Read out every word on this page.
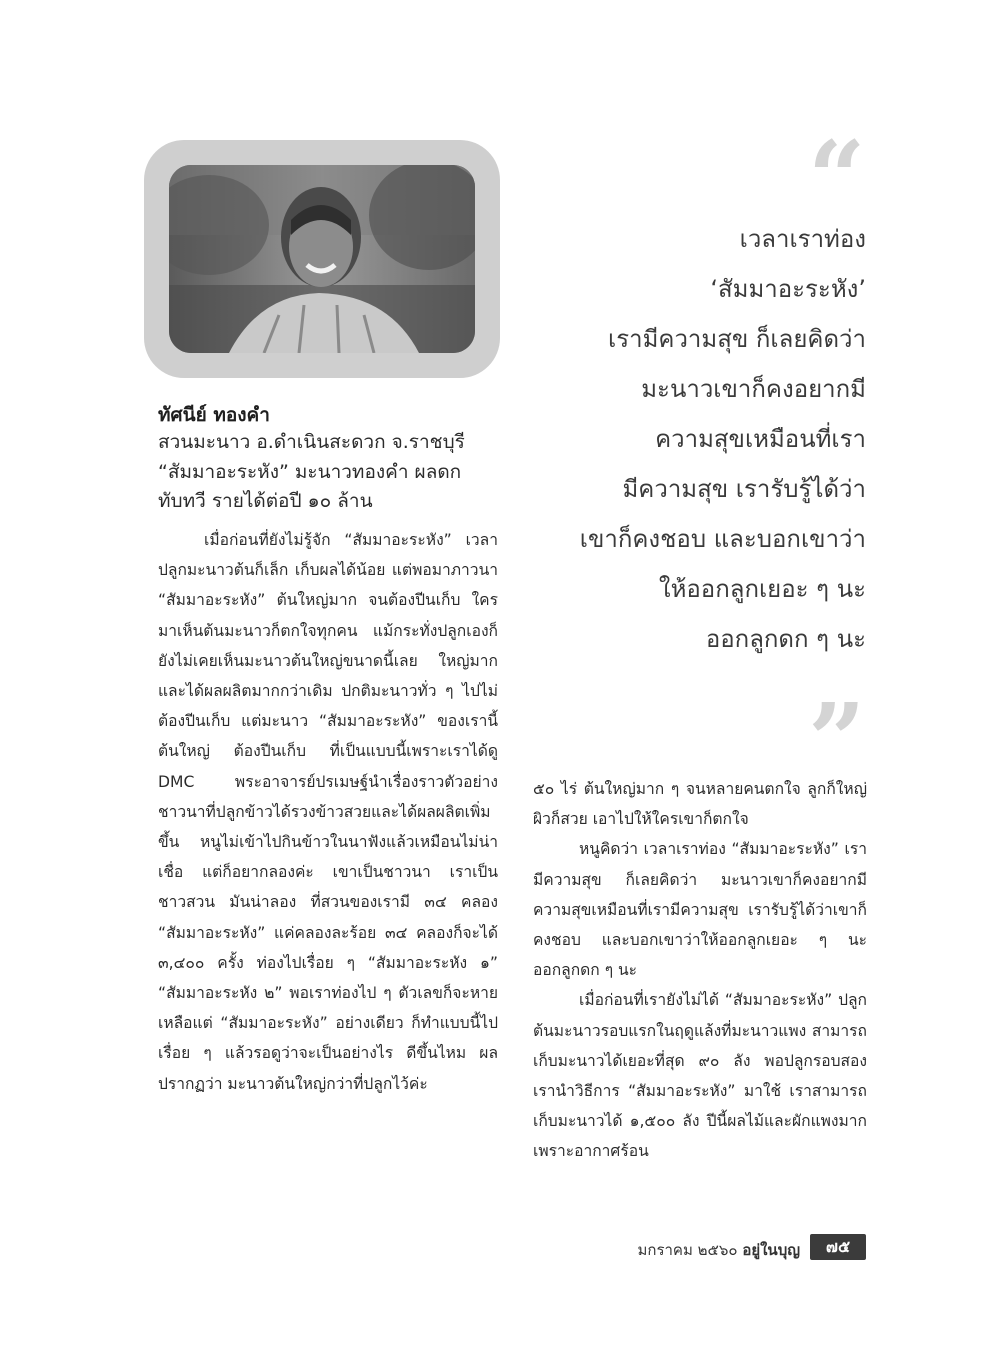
ทัศนีย์ ทองคำ
สวนมะนาว อ.ดำเนินสะดวก จ.ราชบุรี
“สัมมาอะระหัง” มะนาวทองคำ ผลดก
ทับทวี รายได้ต่อปี ๑๐ ล้าน

เมื่อก่อนที่ยังไม่รู้จัก “สัมมาอะระหัง” เวลาปลูกมะนาวต้นก็เล็ก เก็บผลได้น้อย แต่พอมาภาวนา “สัมมาอะระหัง” ต้นใหญ่มาก จนต้องปีนเก็บ ใครมาเห็นต้นมะนาวก็ตกใจทุกคน แม้กระทั่งปลูกเองก็ยังไม่เคยเห็นมะนาวต้นใหญ่ขนาดนี้เลย ใหญ่มากและได้ผลผลิตมากกว่าเดิม ปกติมะนาวทั่ว ๆ ไปไม่ต้องปีนเก็บ แต่มะนาว “สัมมาอะระหัง” ของเรานี้ต้นใหญ่ ต้องปีนเก็บ ที่เป็นแบบนี้เพราะเราได้ดู DMC พระอาจารย์ปรเมษฐ์นำเรื่องราวตัวอย่างชาวนาที่ปลูกข้าวได้รวงข้าวสวยและได้ผลผลิตเพิ่มขึ้น หนูไม่เข้าไปกินข้าวในนาฟังแล้วเหมือนไม่น่าเชื่อ แต่ก็อยากลองค่ะ เขาเป็นชาวนา เราเป็นชาวสวน มันน่าลอง ที่สวนของเรามี ๓๔ คลอง “สัมมาอะระหัง” แค่คลองละร้อย ๓๔ คลองก็จะได้ ๓,๔๐๐ ครั้ง ท่องไปเรื่อย ๆ “สัมมาอะระหัง ๑” “สัมมาอะระหัง ๒” พอเราท่องไป ๆ ตัวเลขก็จะหาย เหลือแต่ “สัมมาอะระหัง” อย่างเดียว ก็ทำแบบนี้ไปเรื่อย ๆ แล้วรอดูว่าจะเป็นอย่างไร ดีขึ้นไหม ผลปรากฏว่า มะนาวต้นใหญ่กว่าที่ปลูกไว้ค่ะ

“
เวลาเราท่อง
‘สัมมาอะระหัง’
เรามีความสุข ก็เลยคิดว่า
มะนาวเขาก็คงอยากมี
ความสุขเหมือนที่เรา
มีความสุข เรารับรู้ได้ว่า
เขาก็คงชอบ และบอกเขาว่า
ให้ออกลูกเยอะ ๆ นะ
ออกลูกดก ๆ นะ
”

๕๐ ไร่ ต้นใหญ่มาก ๆ จนหลายคนตกใจ ลูกก็ใหญ่ ผิวก็สวย เอาไปให้ใครเขาก็ตกใจ

หนูคิดว่า เวลาเราท่อง “สัมมาอะระหัง” เรามีความสุข ก็เลยคิดว่า มะนาวเขาก็คงอยากมีความสุขเหมือนที่เรามีความสุข เรารับรู้ได้ว่าเขาก็คงชอบ และบอกเขาว่าให้ออกลูกเยอะ ๆ นะ ออกลูกดก ๆ นะ

เมื่อก่อนที่เรายังไม่ได้ “สัมมาอะระหัง” ปลูกต้นมะนาวรอบแรกในฤดูแล้งที่มะนาวแพง สามารถเก็บมะนาวได้เยอะที่สุด ๙๐ ลัง พอปลูกรอบสอง เรานำวิธีการ “สัมมาอะระหัง” มาใช้ เราสามารถเก็บมะนาวได้ ๑,๕๐๐ ลัง ปีนี้ผลไม้และผักแพงมากเพราะอากาศร้อน

มกราคม ๒๕๖๐ อยู่ในบุญ	๗๕
